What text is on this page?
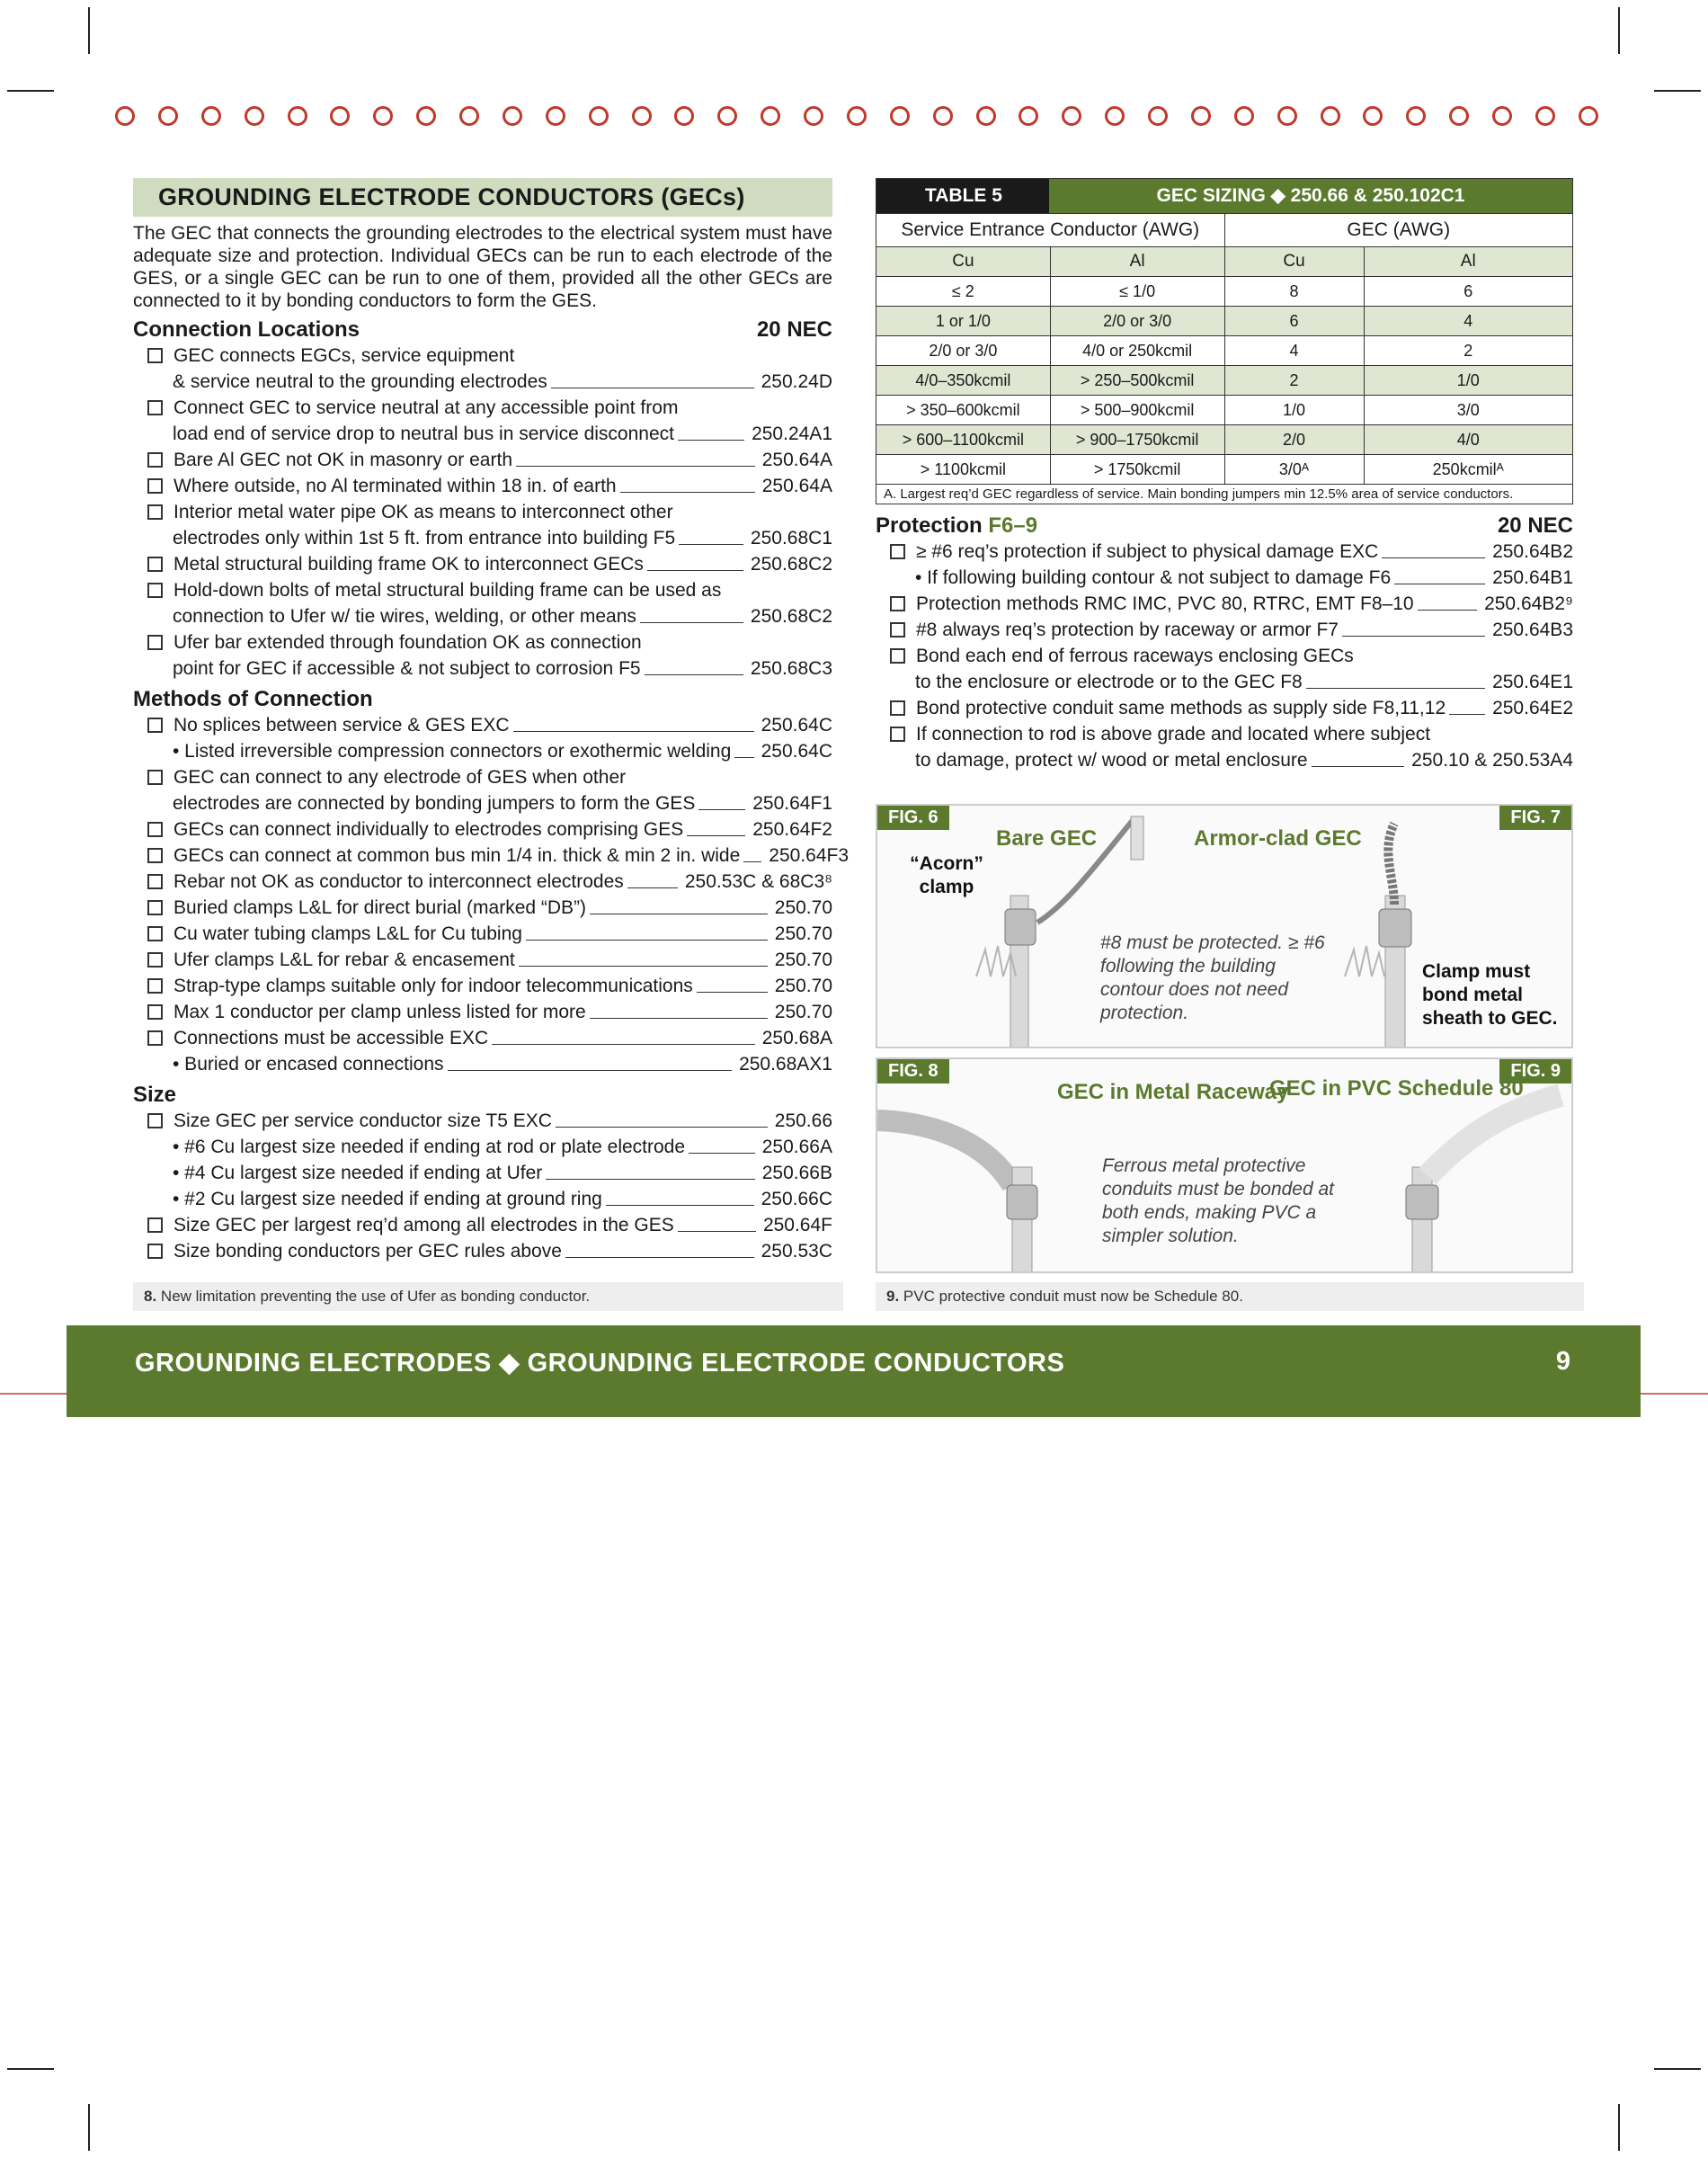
GROUNDING ELECTRODE CONDUCTORS (GECs)
The GEC that connects the grounding electrodes to the electrical system must have adequate size and protection. Individual GECs can be run to each electrode of the GES, or a single GEC can be run to one of them, provided all the other GECs are connected to it by bonding conductors to form the GES.
Connection Locations	20 NEC
GEC connects EGCs, service equipment
& service neutral to the grounding electrodes	250.24D
Connect GEC to service neutral at any accessible point from
load end of service drop to neutral bus in service disconnect	250.24A1
Bare Al GEC not OK in masonry or earth	250.64A
Where outside, no Al terminated within 18 in. of earth	250.64A
Interior metal water pipe OK as means to interconnect other
electrodes only within 1st 5 ft. from entrance into building F5	250.68C1
Metal structural building frame OK to interconnect GECs	250.68C2
Hold-down bolts of metal structural building frame can be used as
connection to Ufer w/ tie wires, welding, or other means	250.68C2
Ufer bar extended through foundation OK as connection
point for GEC if accessible & not subject to corrosion F5	250.68C3
Methods of Connection
No splices between service & GES EXC	250.64C
• Listed irreversible compression connectors or exothermic welding 250.64C
GEC can connect to any electrode of GES when other
electrodes are connected by bonding jumpers to form the GES	250.64F1
GECs can connect individually to electrodes comprising GES	250.64F2
GECs can connect at common bus min 1/4 in. thick & min 2 in. wide 250.64F3
Rebar not OK as conductor to interconnect electrodes	250.53C & 68C3⁸
Buried clamps L&L for direct burial (marked “DB”)	250.70
Cu water tubing clamps L&L for Cu tubing	250.70
Ufer clamps L&L for rebar & encasement	250.70
Strap-type clamps suitable only for indoor telecommunications	250.70
Max 1 conductor per clamp unless listed for more	250.70
Connections must be accessible EXC	250.68A
• Buried or encased connections	250.68AX1
Size
Size GEC per service conductor size T5 EXC	250.66
• #6 Cu largest size needed if ending at rod or plate electrode	250.66A
• #4 Cu largest size needed if ending at Ufer	250.66B
• #2 Cu largest size needed if ending at ground ring	250.66C
Size GEC per largest req’d among all electrodes in the GES	250.64F
Size bonding conductors per GEC rules above	250.53C
8. New limitation preventing the use of Ufer as bonding conductor.
TABLE 5	GEC SIZING ◆ 250.66 & 250.102C1
Service Entrance Conductor (AWG)		GEC (AWG)	
Cu	Al	Cu	Al
≤ 2	≤ 1/0	8	6
1 or 1/0	2/0 or 3/0	6	4
2/0 or 3/0	4/0 or 250kcmil	4	2
4/0–350kcmil	> 250–500kcmil	2	1/0
> 350–600kcmil	> 500–900kcmil	1/0	3/0
> 600–1100kcmil	> 900–1750kcmil	2/0	4/0
> 1100kcmil	> 1750kcmil	3/0ᴬ	250kcmilᴬ
A. Largest req’d GEC regardless of service. Main bonding jumpers min 12.5% area of service conductors.
Protection F6–9	20 NEC
≥ #6 req’s protection if subject to physical damage EXC	250.64B2
• If following building contour & not subject to damage F6	250.64B1
Protection methods RMC IMC, PVC 80, RTRC, EMT F8–10	250.64B2⁹
#8 always req’s protection by raceway or armor F7	250.64B3
Bond each end of ferrous raceways enclosing GECs
to the enclosure or electrode or to the GEC F8	250.64E1
Bond protective conduit same methods as supply side F8,11,12 250.64E2
If connection to rod is above grade and located where subject
to damage, protect w/ wood or metal enclosure	250.10 & 250.53A4
FIG. 6	FIG. 7
“Acorn” clamp
Bare GEC	Armor-clad GEC
#8 must be protected. ≥ #6 following the building contour does not need protection.
Clamp must bond metal sheath to GEC.
FIG. 8	FIG. 9
GEC in Metal Raceway
GEC in PVC Schedule 80
Ferrous metal protective conduits must be bonded at both ends, making PVC a simpler solution.
9. PVC protective conduit must now be Schedule 80.
GROUNDING ELECTRODES ◆ GROUNDING ELECTRODE CONDUCTORS	9
